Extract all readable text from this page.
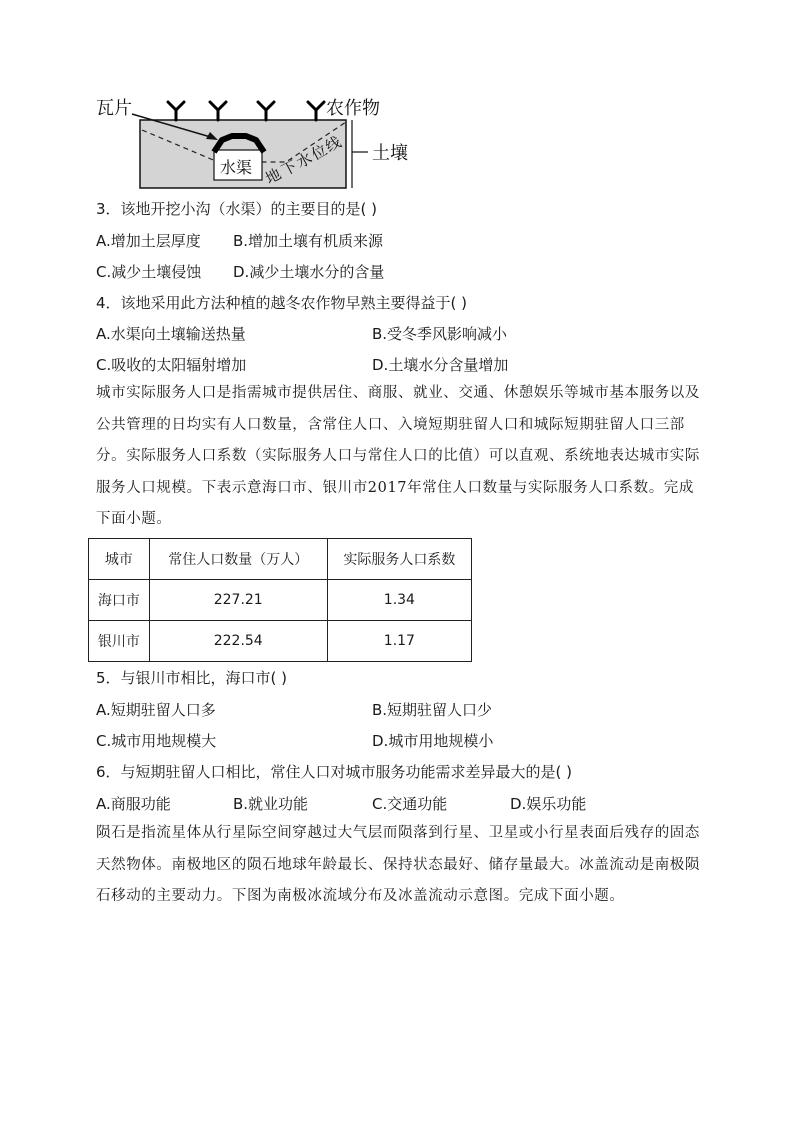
瓦片	农作物
土壤
水渠 地
下
水
位
线
3．该地开挖小沟（水渠）的主要目的是( )
A.增加土层厚度 B.增加土壤有机质来源
C.减少土壤侵蚀 D.减少土壤水分的含量
4．该地采用此方法种植的越冬农作物早熟主要得益于( )
A.水渠向土壤输送热量	B.受冬季风影响减小
C.吸收的太阳辐射增加	D.土壤水分含量增加
城市实际服务人口是指需城市提供居住、商服、就业、交通、休憩娱乐等城市基本服务以及公共管理的日均实有人口数量，含常住人口、入境短期驻留人口和城际短期驻留人口三部分。实际服务人口系数（实际服务人口与常住人口的比值）可以直观、系统地表达城市实际服务人口规模。下表示意海口市、银川市2017年常住人口数量与实际服务人口系数。完成下面小题。
城市	常住人口数量（万人）	实际服务人口系数
海口市	227.21	1.34
银川市	222.54	1.17
5．与银川市相比，海口市( )
A.短期驻留人口多	B.短期驻留人口少
C.城市用地规模大	D.城市用地规模小
6．与短期驻留人口相比，常住人口对城市服务功能需求差异最大的是( )
A.商服功能	B.就业功能	C.交通功能	D.娱乐功能
陨石是指流星体从行星际空间穿越过大气层而陨落到行星、卫星或小行星表面后残存的固态天然物体。南极地区的陨石地球年龄最长、保持状态最好、储存量最大。冰盖流动是南极陨石移动的主要动力。下图为南极冰流域分布及冰盖流动示意图。完成下面小题。
